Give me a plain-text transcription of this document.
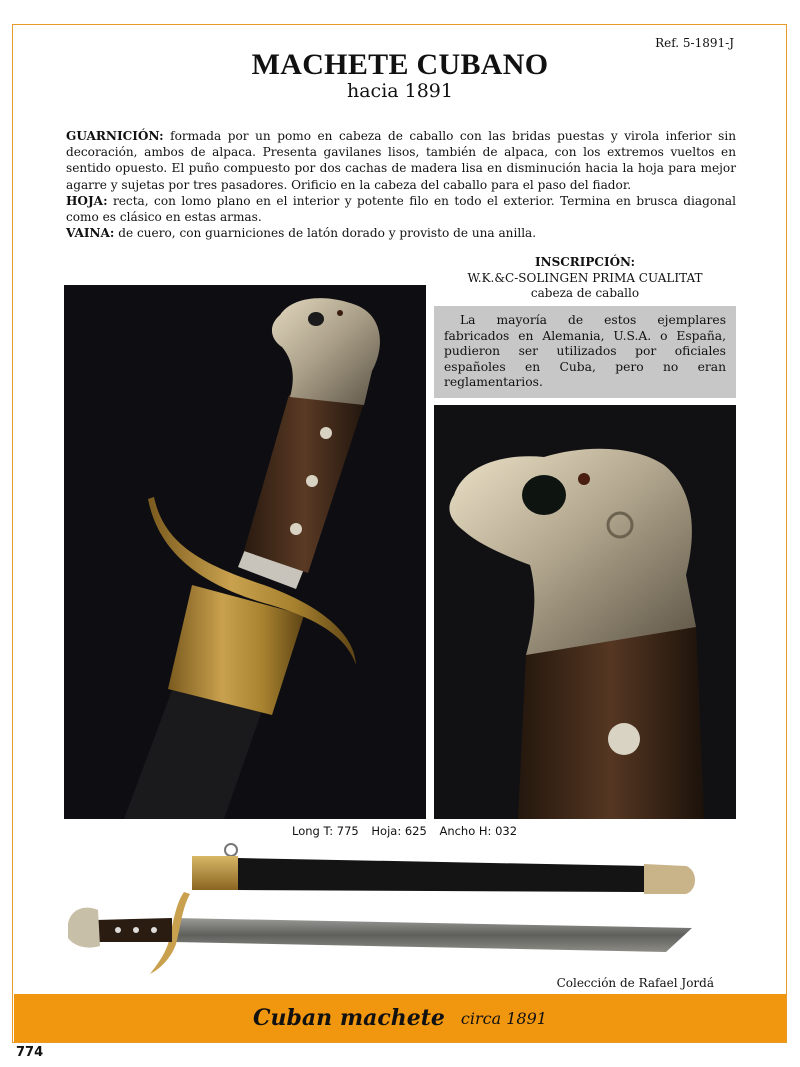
Ref. 5-1891-J
MACHETE CUBANO
hacia 1891

GUARNICIÓN: formada por un pomo en cabeza de caballo con las bridas puestas y virola inferior sin decoración, ambos de alpaca. Presenta gavilanes lisos, también de alpaca, con los extremos vueltos en sentido opuesto. El puño compuesto por dos cachas de madera lisa en disminución hacia la hoja para mejor agarre y sujetas por tres pasadores. Orificio en la cabeza del caballo para el paso del fiador.

HOJA: recta, con lomo plano en el interior y potente filo en todo el exterior. Termina en brusca diagonal como es clásico en estas armas.

VAINA: de cuero, con guarniciones de latón dorado y provisto de una anilla.

INSCRIPCIÓN:
W.K.&C-SOLINGEN PRIMA CUALITAT
cabeza de caballo
La mayoría de estos ejemplares fabricados en Alemania, U.S.A. o España, pudieron ser utilizados por oficiales españoles en Cuba, pero no eran reglamentarios.
Long T: 775 Hoja: 625 Ancho H: 032
Colección de Rafael Jordá
Cuban machete circa 1891
774
